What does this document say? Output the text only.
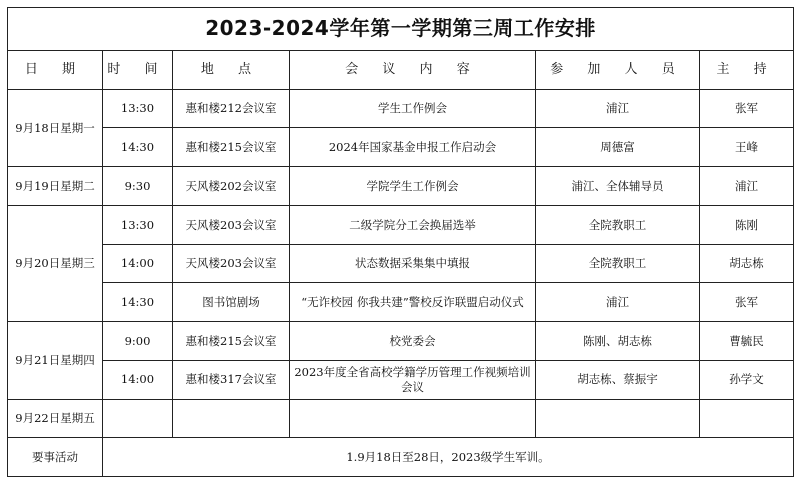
2023-2024学年第一学期第三周工作安排					
日 期	时 间	地 点	会 议 内 容	参 加 人 员	主 持
9月18日星期一	13:30	惠和楼212会议室	学生工作例会	浦江	张军
	14:30	惠和楼215会议室	2024年国家基金申报工作启动会	周德富	王峰
9月19日星期二	9:30	天风楼202会议室	学院学生工作例会	浦江、全体辅导员	浦江
9月20日星期三	13:30	天风楼203会议室	二级学院分工会换届选举	全院教职工	陈刚
	14:00	天风楼203会议室	状态数据采集集中填报	全院教职工	胡志栋
	14:30	图书馆剧场	“无诈校园 你我共建”警校反诈联盟启动仪式	浦江	张军
9月21日星期四	9:00	惠和楼215会议室	校党委会	陈刚、胡志栋	曹毓民
	14:00	惠和楼317会议室	2023年度全省高校学籍学历管理工作视频培训会议	胡志栋、蔡振宇	孙学文
9月22日星期五					
要事活动	1.9月18日至28日，2023级学生军训。				
